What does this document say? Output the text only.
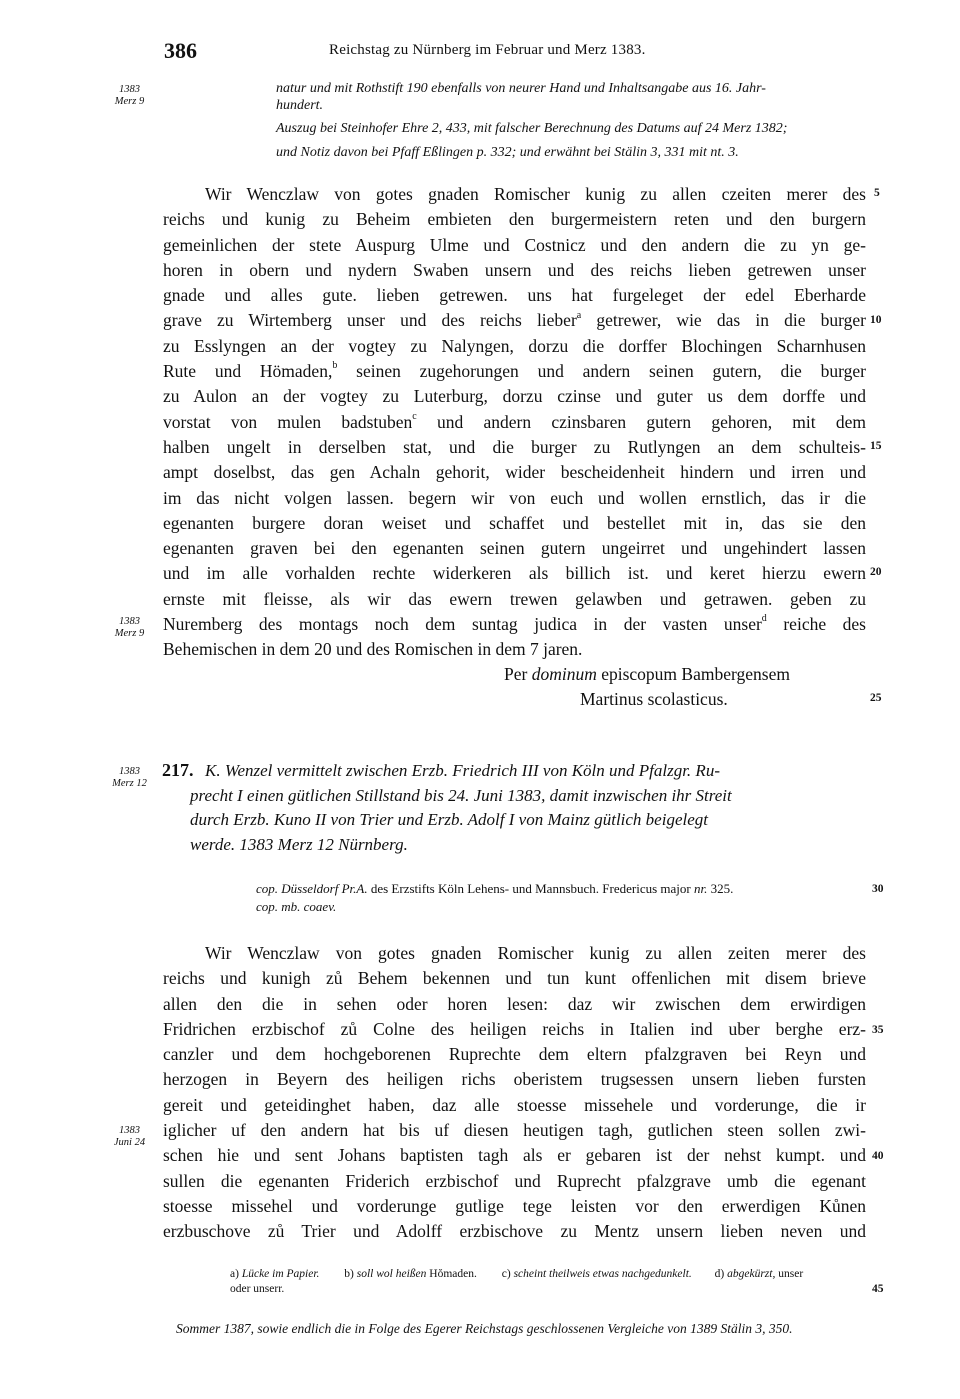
386	Reichstag zu Nürnberg im Februar und Merz 1383.
1383
Merz 9
natur und mit Rothstift 190 ebenfalls von neurer Hand und Inhaltsangabe aus 16. Jahr-
hundert.
Auszug bei Steinhofer Ehre 2, 433, mit falscher Berechnung des Datums auf 24 Merz 1382;
und Notiz davon bei Pfaff Eßlingen p. 332; und erwähnt bei Stälin 3, 331 mit nt. 3.
5
10
15
20
25
30
35
40
45
Wir Wenczlaw von gotes gnaden Romischer kunig zu allen czeiten merer des
reichs und kunig zu Beheim embieten den burgermeistern reten und den burgern
gemeinlichen der stete Auspurg Ulme und Costnicz und den andern die zu yn ge-
horen in obern und nydern Swaben unsern und des reichs lieben getrewen unser
gnade und alles gute. lieben getrewen. uns hat furgeleget der edel Eberharde
grave zu Wirtemberg unser und des reichs lieber$^a$ getrewer, wie das in die burger
zu Esslyngen an der vogtey zu Nalyngen, dorzu die dorffer Blochingen Scharnhusen
Rute und Hömaden,$^b$ seinen zugehorungen und andern seinen gutern, die burger
zu Aulon an der vogtey zu Luterburg, dorzu czinse und guter us dem dorffe und
vorstat von mulen badstuben$^c$ und andern czinsbaren gutern gehoren, mit dem
halben ungelt in derselben stat, und die burger zu Rutlyngen an dem schulteis-
ampt doselbst, das gen Achaln gehorit, wider bescheidenheit hindern und irren und
im das nicht volgen lassen. begern wir von euch und wollen ernstlich, das ir die
egenanten burgere doran weiset und schaffet und bestellet mit in, das sie den
egenanten graven bei den egenanten seinen gutern ungeirret und ungehindert lassen
und im alle vorhalden rechte widerkeren als billich ist. und keret hierzu ewern
ernste mit fleisse, als wir das ewern trewen gelawben und getrawen. geben zu
Nuremberg des montags noch dem suntag judica in der vasten unser$^d$ reiche des
Behemischen in dem 20 und des Romischen in dem 7 jaren.
1383
Merz 9
Per dominum episcopum Bambergensem
Martinus scolasticus.
1383
Merz 12
217. K. Wenzel vermittelt zwischen Erzb. Friedrich III von Köln und Pfalzgr. Ru-
precht I einen gütlichen Stillstand bis 24. Juni 1383, damit inzwischen ihr Streit
durch Erzb. Kuno II von Trier und Erzb. Adolf I von Mainz gütlich beigelegt
werde. 1383 Merz 12 Nürnberg.
cop. Düsseldorf Pr.A. des Erzstifts Köln Lehens- und Mannsbuch. Fredericus major nr. 325.
cop. mb. coaev.
Wir Wenczlaw von gotes gnaden Romischer kunig zu allen zeiten merer des
reichs und kunigh zů Behem bekennen und tun kunt offenlichen mit disem brieve
allen den die in sehen oder horen lesen: daz wir zwischen dem erwirdigen
Fridrichen erzbischof zů Colne des heiligen reichs in Italien ind uber berghe erz-
canzler und dem hochgeborenen Ruprechte dem eltern pfalzgraven bei Reyn und
herzogen in Beyern des heiligen richs oberistem trugsessen unsern lieben fursten
gereit und geteidinghet haben, daz alle stoesse missehele und vorderunge, die ir
iglicher uf den andern hat bis uf diesen heutigen tagh, gutlichen steen sollen zwi-
schen hie und sent Johans baptisten tagh als er gebaren ist der nehst kumpt. und
sullen die egenanten Friderich erzbischof und Ruprecht pfalzgrave umb die egenant
stoesse missehel und vorderunge gutlige tege leisten vor den erwerdigen Kůnen
erzbuschove zů Trier und Adolff erzbischove zu Mentz unsern lieben neven und
1383
Juni 24
a) Lücke im Papier. b) soll wol heißen Hŏmaden. c) scheint theilweis etwas nachgedunkelt. d) abgekürzt, unser
oder unserr.
Sommer 1387, sowie endlich die in Folge des Egerer Reichstags geschlossenen Vergleiche von 1389 Stälin 3, 350.
